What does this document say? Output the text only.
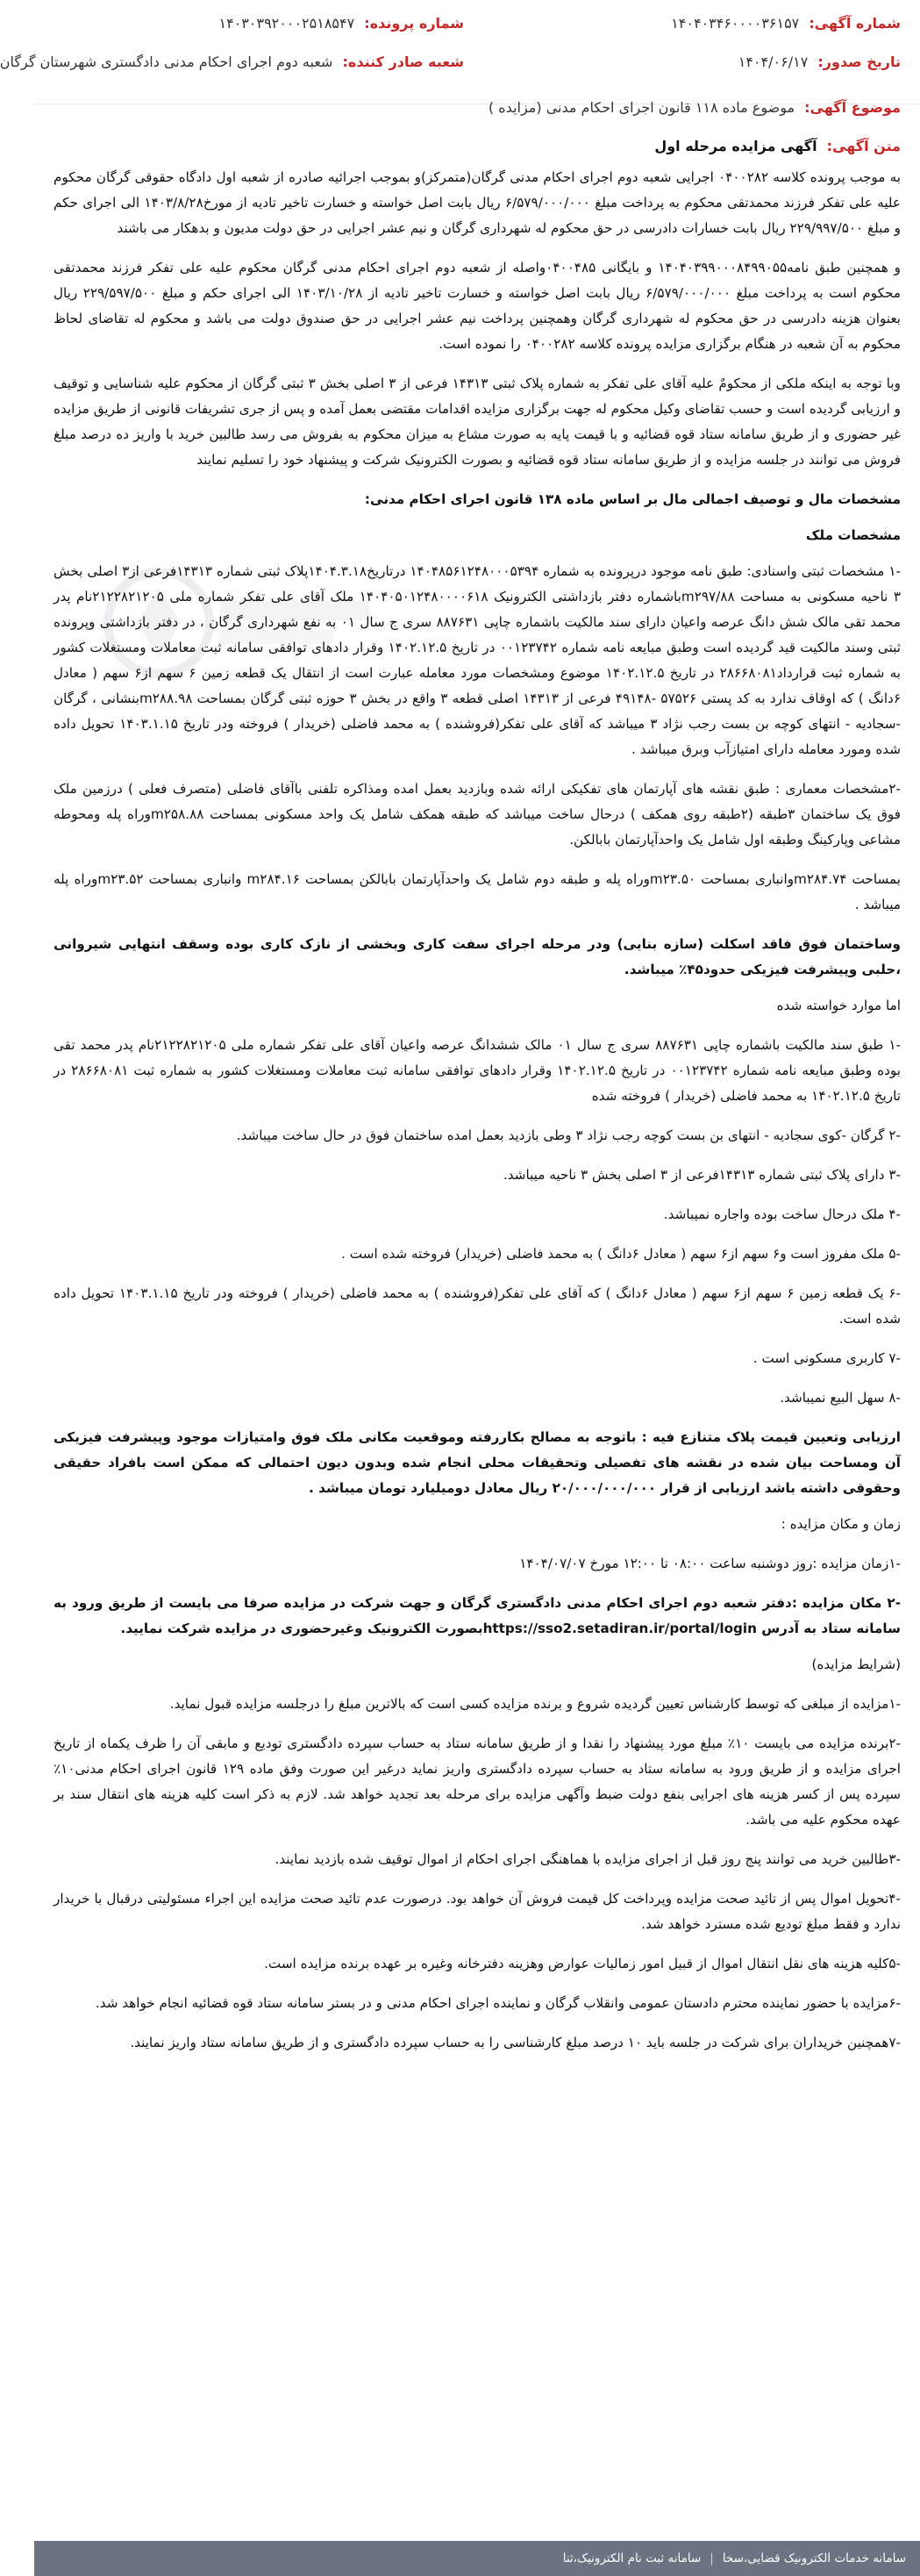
شماره آگهی: ۱۴۰۴۰۳۴۶۰۰۰۰۳۶۱۵۷
شماره پرونده: ۱۴۰۳۰۳۹۲۰۰۰۲۵۱۸۵۴۷
تاریخ صدور: ۱۴۰۴/۰۶/۱۷
شعبه صادر کننده: شعبه دوم اجرای احکام مدنی دادگستری شهرستان گرگان
موضوع آگهی: موضوع ماده ۱۱۸ قانون اجرای احکام مدنی (مزایده )
متن آگهی: آگهی مزایده مرحله اول

به موجب پرونده کلاسه ۰۴۰۰۲۸۲ اجرایی شعبه دوم اجرای احکام مدنی گرگان(متمرکز)و بموجب اجرائیه صادره از شعبه اول دادگاه حقوقی گرگان محکوم علیه علی تفکر فرزند محمدتقی محکوم به پرداخت مبلغ ۶/۵۷۹/۰۰۰/۰۰۰ ریال بابت اصل خواسته و خسارت تاخیر تادیه از مورخ۱۴۰۳/۸/۲۸ الی اجرای حکم و مبلغ ۲۲۹/۹۹۷/۵۰۰ ریال بابت خسارات دادرسی در حق محکوم له شهرداری گرگان و نیم عشر اجرایی در حق دولت مدیون و بدهکار می باشند

و همچنین طبق نامه۱۴۰۴۰۳۹۹۰۰۰۸۴۹۹۰۵۵ و بایگانی ۰۴۰۰۴۸۵واصله از شعبه دوم اجرای احکام مدنی گرگان محکوم علیه علی تفکر فرزند محمدتقی محکوم است به پرداخت مبلغ ۶/۵۷۹/۰۰۰/۰۰۰ ریال بابت اصل خواسته و خسارت تاخیر تادیه از ۱۴۰۳/۱۰/۲۸ الی اجرای حکم و مبلغ ۲۲۹/۵۹۷/۵۰۰ ریال بعنوان هزینه دادرسی در حق محکوم له شهرداری گرگان وهمچنین پرداخت نیم عشر اجرایی در حق صندوق دولت می باشد و محکوم له تقاضای لحاظ محکوم به آن شعبه در هنگام برگزاری مزایده پرونده کلاسه ۰۴۰۰۲۸۲ را نموده است.

وبا توجه به اینکه ملکی از محکومٌ علیه آقای علی تفکر به شماره پلاک ثبتی ۱۴۳۱۳ فرعی از ۳ اصلی بخش ۳ ثبتی گرگان از محکوم علیه شناسایی و توقیف و ارزیابی گردیده است و حسب تقاضای وکیل محکوم له جهت برگزاری مزایده اقدامات مقتضی بعمل آمده و پس از جری تشریفات قانونی از طریق مزایده غیر حضوری و از طریق سامانه ستاد قوه قضائیه و با قیمت پایه به صورت مشاع به میزان محکوم به بفروش می رسد طالبین خرید با واریز ده درصد مبلغ فروش می توانند در جلسه مزایده و از طریق سامانه ستاد قوه قضائیه و بصورت الکترونیک شرکت و پیشنهاد خود را تسلیم نمایند

مشخصات مال و توصیف اجمالی مال بر اساس ماده ۱۳۸ قانون اجرای احکام مدنی:

مشخصات ملک

-۱ مشخصات ثبتی واسنادی: طبق نامه موجود درپرونده به شماره ۱۴۰۴۸۵۶۱۲۴۸۰۰۰۵۳۹۴ درتاریخ۱۴۰۴.۳.۱۸پلاک ثبتی شماره ۱۴۳۱۳فرعی از۳ اصلی بخش ۳ ناحیه مسکونی به مساحت m۲۹۷/۸۸باشماره دفتر بازداشتی الکترونیک ۱۴۰۴۰۵۰۱۲۴۸۰۰۰۰۶۱۸ ملک آقای علی تفکر شماره ملی ۲۱۲۲۸۲۱۲۰۵نام پدر محمد تقی مالک شش دانگ عرصه واعیان دارای سند مالکیت باشماره چاپی ۸۸۷۶۳۱ سری ج سال ۰۱ به نفع شهرداری گرگان ، در دفتر بازداشتی وپرونده ثبتی وسند مالکیت قید گردیده است وطبق مبایعه نامه شماره ۰۰۱۲۳۷۴۲ در تاریخ ۱۴۰۲.۱۲.۵ وقرار دادهای توافقی سامانه ثبت معاملات ومستغلات کشور به شماره ثبت قرارداد۲۸۶۶۸۰۸۱ در تاریخ ۱۴۰۲.۱۲.۵ موضوع ومشخصات مورد معامله عبارت است از انتقال یک قطعه زمین ۶ سهم از۶ سهم ( معادل ۶دانگ ) که اوقاف ندارد به کد پستی ۵۷۵۲۶ -۴۹۱۴۸ فرعی از ۱۴۳۱۳ اصلی قطعه ۳ واقع در بخش ۳ حوزه ثبتی گرگان بمساحت m۲۸۸.۹۸بنشانی ، گرگان -سجادیه - انتهای کوچه بن بست رجب نژاد ۳ میباشد که آقای علی تفکر(فروشنده ) به محمد فاضلی (خریدار ) فروخته ودر تاریخ ۱۴۰۳.۱.۱۵ تحویل داده شده ومورد معامله دارای امتیازآب وبرق میباشد .

-۲مشخصات معماری : طبق نقشه های آپارتمان های تفکیکی ارائه شده وبازدید بعمل امده ومذاکره تلفنی باآقای فاضلی (متصرف فعلی ) درزمین ملک فوق یک ساختمان ۳طبقه (۲طبقه روی همکف ) درحال ساخت میباشد که طبقه همکف شامل یک واحد مسکونی بمساحت m۲۵۸.۸۸وراه پله ومحوطه مشاعی وپارکینگ وطبقه اول شامل یک واحدآپارتمان بابالکن.

بمساحت m۲۸۴.۷۴وانباری بمساحت m۲۳.۵۰وراه پله و طبقه دوم شامل یک واحدآپارتمان بابالکن بمساحت m۲۸۴.۱۶ وانباری بمساحت m۲۳.۵۲وراه پله میباشد .

وساختمان فوق فاقد اسکلت (سازه بنایی) ودر مرحله اجرای سفت کاری وبخشی از نازک کاری بوده وسقف انتهایی شیروانی ،حلبی وپیشرفت فیزیکی حدود۴۵٪ میباشد.

اما موارد خواسته شده

-۱ طبق سند مالکیت باشماره چاپی ۸۸۷۶۳۱ سری ج سال ۰۱ مالک ششدانگ عرصه واعیان آقای علی تفکر شماره ملی ۲۱۲۲۸۲۱۲۰۵نام پدر محمد تقی بوده وطبق مبایعه نامه شماره ۰۰۱۲۳۷۴۲ در تاریخ ۱۴۰۲.۱۲.۵ وقرار دادهای توافقی سامانه ثبت معاملات ومستغلات کشور به شماره ثبت ۲۸۶۶۸۰۸۱ در تاریخ ۱۴۰۲.۱۲.۵ به محمد فاضلی (خریدار ) فروخته شده

-۲ گرگان -کوی سجادیه - انتهای بن بست کوچه رجب نژاد ۳ وطی بازدید بعمل امده ساختمان فوق در حال ساخت میباشد.

-۳ دارای پلاک ثبتی شماره ۱۴۳۱۳فرعی از ۳ اصلی بخش ۳ ناحیه میباشد.

-۴ ملک درحال ساخت بوده واجاره نمیباشد.

-۵ ملک مفروز است و۶ سهم از۶ سهم ( معادل ۶دانگ ) به محمد فاضلی (خریدار) فروخته شده است .

-۶ یک قطعه زمین ۶ سهم از۶ سهم ( معادل ۶دانگ ) که آقای علی تفکر(فروشنده ) به محمد فاضلی (خریدار ) فروخته ودر تاریخ ۱۴۰۳.۱.۱۵ تحویل داده شده است.

-۷ کاربری مسکونی است .

-۸ سهل البیع نمیباشد.

ارزیابی وتعیین قیمت پلاک متنازع فیه : باتوجه به مصالح بکاررفته وموقعیت مکانی ملک فوق وامتیازات موجود وپیشرفت فیزیکی آن ومساحت بیان شده در نقشه های تفصیلی وتحقیقات محلی انجام شده وبدون دیون احتمالی که ممکن است بافراد حقیقی وحقوقی داشته باشد ارزیابی از قرار ۲۰/۰۰۰/۰۰۰/۰۰۰ ریال معادل دومیلیارد تومان میباشد .

زمان و مکان مزایده :

-۱زمان مزایده :روز دوشنبه ساعت ۰۸:۰۰ تا ۱۲:۰۰ مورخ ۱۴۰۴/۰۷/۰۷

-۲ مکان مزایده :دفتر شعبه دوم اجرای احکام مدنی دادگستری گرگان و جهت شرکت در مزایده صرفا می بایست از طریق ورود به سامانه ستاد به آدرس https://sso2.setadiran.ir/portal/loginبصورت الکترونیک وغیرحضوری در مزایده شرکت نمایید.

(شرایط مزایده)

-۱مزایده از مبلغی که توسط کارشناس تعیین گردیده شروع و برنده مزایده کسی است که بالاترین مبلغ را درجلسه مزایده قبول نماید.

-۲برنده مزایده می بایست ۱۰٪ مبلغ مورد پیشنهاد را نقدا و از طریق سامانه ستاد به حساب سپرده دادگستری تودیع و مابقی آن را ظرف یکماه از تاریخ اجرای مزایده و از طریق ورود به سامانه ستاد به حساب سپرده دادگستری واریز نماید درغیر این صورت وفق ماده ۱۲۹ قانون اجرای احکام مدنی۱۰٪ سپرده پس از کسر هزینه های اجرایی بنفع دولت ضبط وآگهی مزایده برای مرحله بعد تجدید خواهد شد. لازم به ذکر است کلیه هزینه های انتقال سند بر عهده محکوم علیه می باشد.

-۳طالبین خرید می توانند پنج روز قبل از اجرای مزایده با هماهنگی اجرای احکام از اموال توقیف شده بازدید نمایند.

-۴تحویل اموال پس از تائید صحت مزایده وپرداخت کل قیمت فروش آن خواهد بود. درصورت عدم تائید صحت مزایده این اجراء مسئولیتی درقبال با خریدار ندارد و فقط مبلغ تودیع شده مسترد خواهد شد.

-۵کلیه هزینه های نقل انتقال اموال از قبیل امور زمالیات عوارض وهزینه دفترخانه وغیره بر عهده برنده مزایده است.

-۶مزایده با حضور نماینده محترم دادستان عمومی وانقلاب گرگان و نماینده اجرای احکام مدنی و در بستر سامانه ستاد قوه قضائیه انجام خواهد شد.

-۷همچنین خریداران برای شرکت در جلسه باید ۱۰ درصد مبلغ کارشناسی را به حساب سپرده دادگستری و از طریق سامانه ستاد واریز نمایند.

سامانه خدمات الکترونیک قضایی،سخا|سامانه ثبت نام الکترونیک،ثنا
